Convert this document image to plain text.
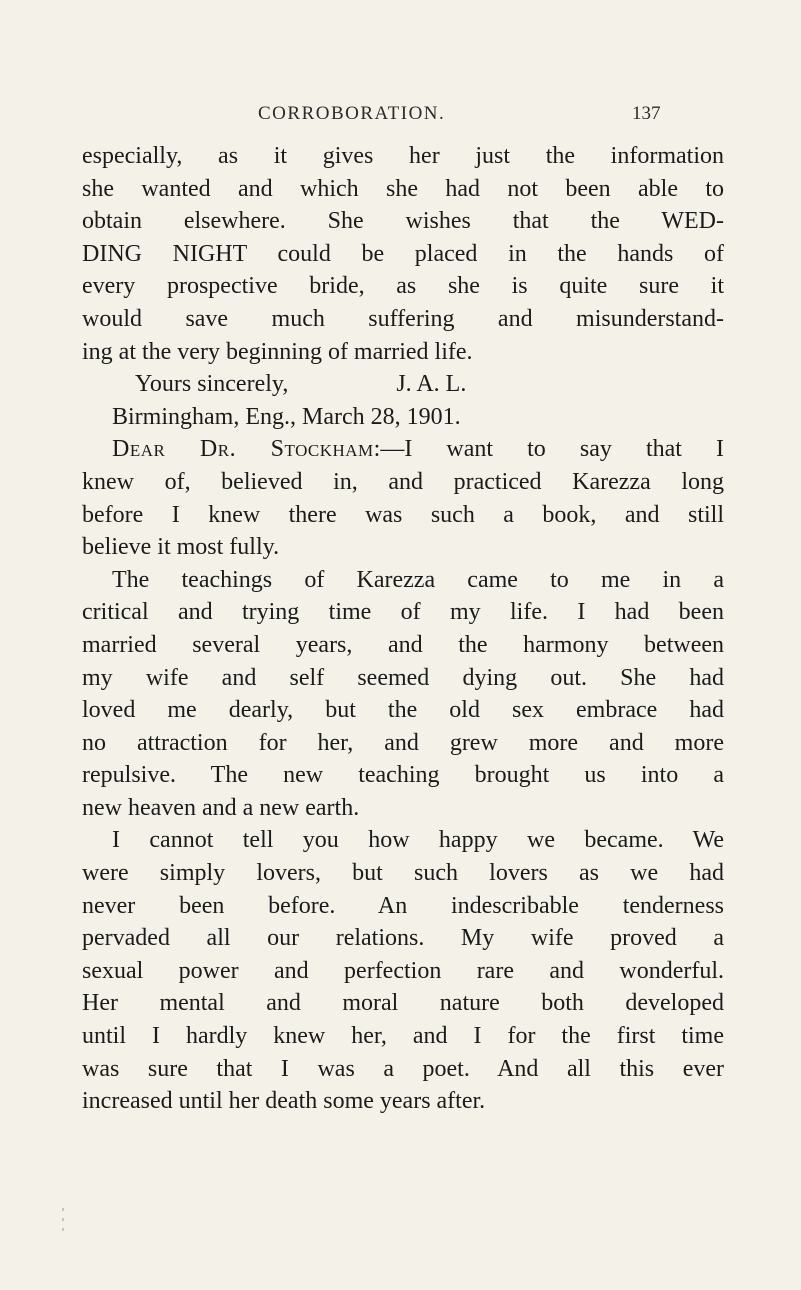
CORROBORATION.	137
especially, as it gives her just the information
she wanted and which she had not been able to
obtain elsewhere. She wishes that the WED-
DING NIGHT could be placed in the hands of
every prospective bride, as she is quite sure it
would save much suffering and misunderstand-
ing at the very beginning of married life.
Yours sincerely,	J. A. L.
Birmingham, Eng., March 28, 1901.
Dear Dr. Stockham:—I want to say that I
knew of, believed in, and practiced Karezza long
before I knew there was such a book, and still
believe it most fully.
The teachings of Karezza came to me in a
critical and trying time of my life. I had been
married several years, and the harmony between
my wife and self seemed dying out. She had
loved me dearly, but the old sex embrace had
no attraction for her, and grew more and more
repulsive. The new teaching brought us into a
new heaven and a new earth.
I cannot tell you how happy we became. We
were simply lovers, but such lovers as we had
never been before. An indescribable tenderness
pervaded all our relations. My wife proved a
sexual power and perfection rare and wonderful.
Her mental and moral nature both developed
until I hardly knew her, and I for the first time
was sure that I was a poet. And all this ever
increased until her death some years after.
